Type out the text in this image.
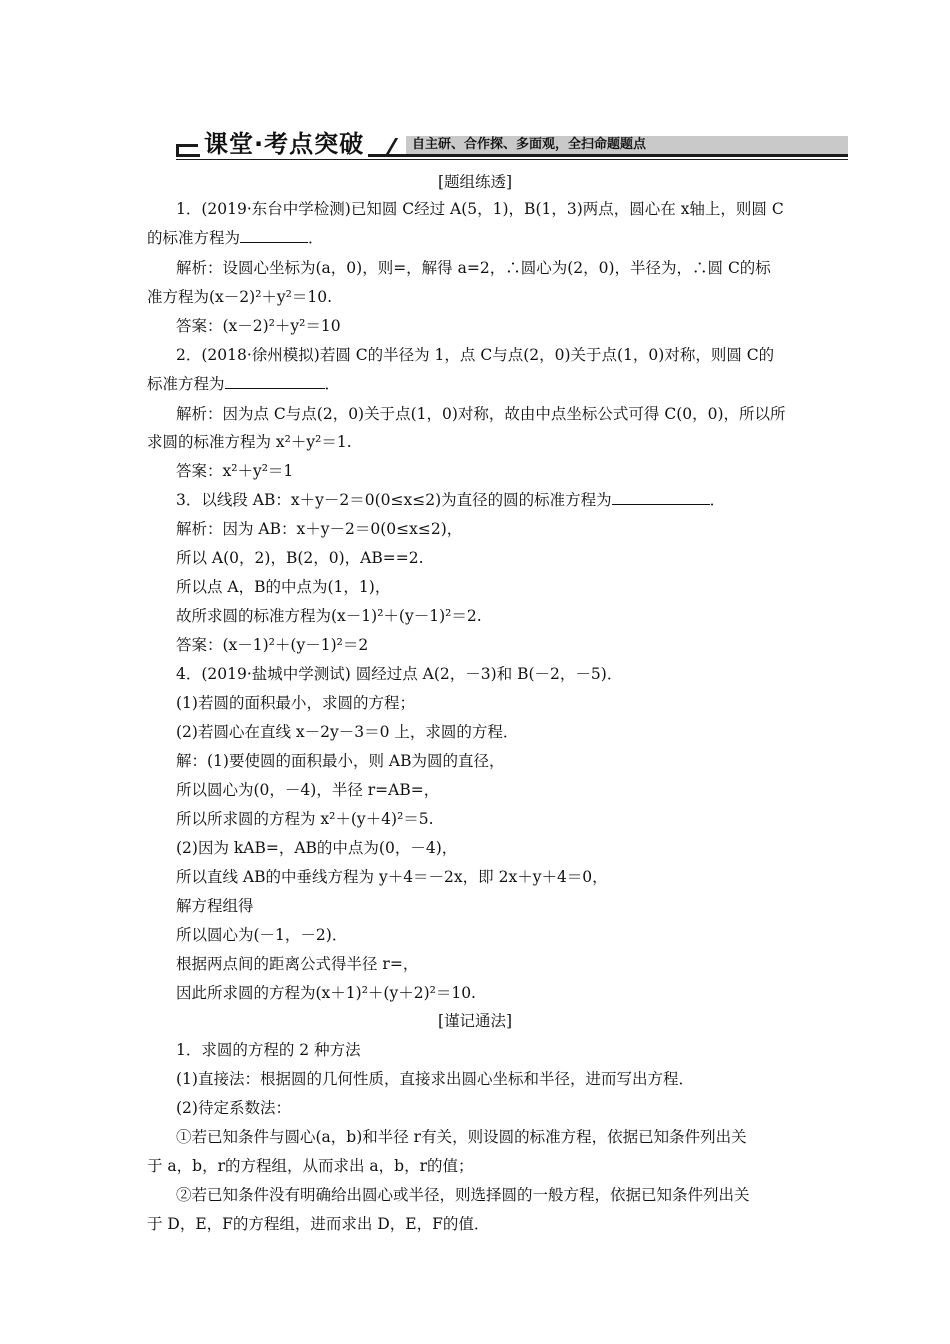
课堂·考点突破	自主研、合作探、多面观，全扫命题题点
[题组练透]
1．(2019·东台中学检测)已知圆 C经过 A(5，1)，B(1，3)两点，圆心在 x轴上，则圆 C
的标准方程为	．
解析：设圆心坐标为(a，0)，则=，解得 a=2，∴圆心为(2，0)，半径为，∴圆 C的标
准方程为(x－2)²＋y²＝10.
答案：(x－2)²＋y²＝10
2．(2018·徐州模拟)若圆 C的半径为 1，点 C与点(2，0)关于点(1，0)对称，则圆 C的
标准方程为	．
解析：因为点 C与点(2，0)关于点(1，0)对称，故由中点坐标公式可得 C(0，0)，所以所
求圆的标准方程为 x²＋y²＝1.
答案：x²＋y²＝1
3．以线段 AB：x＋y－2＝0(0≤x≤2)为直径的圆的标准方程为	．
解析：因为 AB：x＋y－2＝0(0≤x≤2)，
所以 A(0，2)，B(2，0)，AB==2.
所以点 A，B的中点为(1，1)，
故所求圆的标准方程为(x－1)²＋(y－1)²＝2.
答案：(x－1)²＋(y－1)²＝2
4．(2019·盐城中学测试) 圆经过点 A(2，－3)和 B(－2，－5)．
(1)若圆的面积最小，求圆的方程；
(2)若圆心在直线 x－2y－3＝0 上，求圆的方程．
解：(1)要使圆的面积最小，则 AB为圆的直径，
所以圆心为(0，－4)，半径 r=AB=，
所以所求圆的方程为 x²＋(y＋4)²＝5.
(2)因为 kAB=，AB的中点为(0，－4)，
所以直线 AB的中垂线方程为 y＋4＝－2x，即 2x＋y＋4＝0，
解方程组得
所以圆心为(－1，－2)．
根据两点间的距离公式得半径 r=，
因此所求圆的方程为(x＋1)²＋(y＋2)²＝10.
[谨记通法]
1．求圆的方程的 2 种方法
(1)直接法：根据圆的几何性质，直接求出圆心坐标和半径，进而写出方程．
(2)待定系数法：
①若已知条件与圆心(a，b)和半径 r有关，则设圆的标准方程，依据已知条件列出关
于 a，b，r的方程组，从而求出 a，b，r的值；
②若已知条件没有明确给出圆心或半径，则选择圆的一般方程，依据已知条件列出关
于 D，E，F的方程组，进而求出 D，E，F的值．
